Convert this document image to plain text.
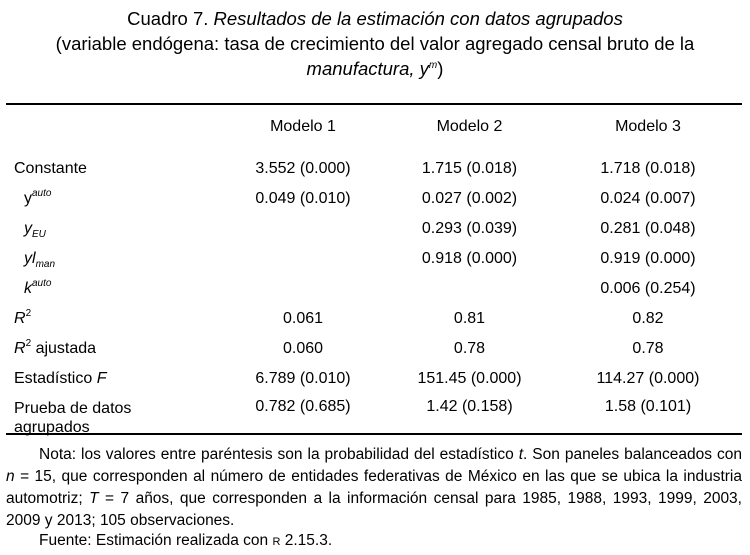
Cuadro 7. Resultados de la estimación con datos agrupados
(variable endógena: tasa de crecimiento del valor agregado censal bruto de la
manufactura, $y^m$)
	Modelo 1	Modelo 2	Modelo 3

Constante	3.552 (0.000)	1.715 (0.018)	1.718 (0.018)
$y^{auto}$	0.049 (0.010)	0.027 (0.002)	0.024 (0.007)
$y_{EU}$		0.293 (0.039)	0.281 (0.048)
$yl_{man}$		0.918 (0.000)	0.919 (0.000)
$k^{auto}$			0.006 (0.254)
$R^2$	0.061	0.81	0.82
$R^2$ ajustada	0.060	0.78	0.78
Estadístico F	6.789 (0.010)	151.45 (0.000)	114.27 (0.000)

Prueba de datos
agrupados	0.782 (0.685)	1.42 (0.158)	1.58 (0.101)
Nota: los valores entre paréntesis son la probabilidad del estadístico t. Son paneles balanceados con n = 15, que corresponden al número de entidades federativas de México en las que se ubica la industria automotriz; T = 7 años, que corresponden a la información censal para 1985, 1988, 1993, 1999, 2003, 2009 y 2013; 105 observaciones.
Fuente: Estimación realizada con R 2.15.3.
